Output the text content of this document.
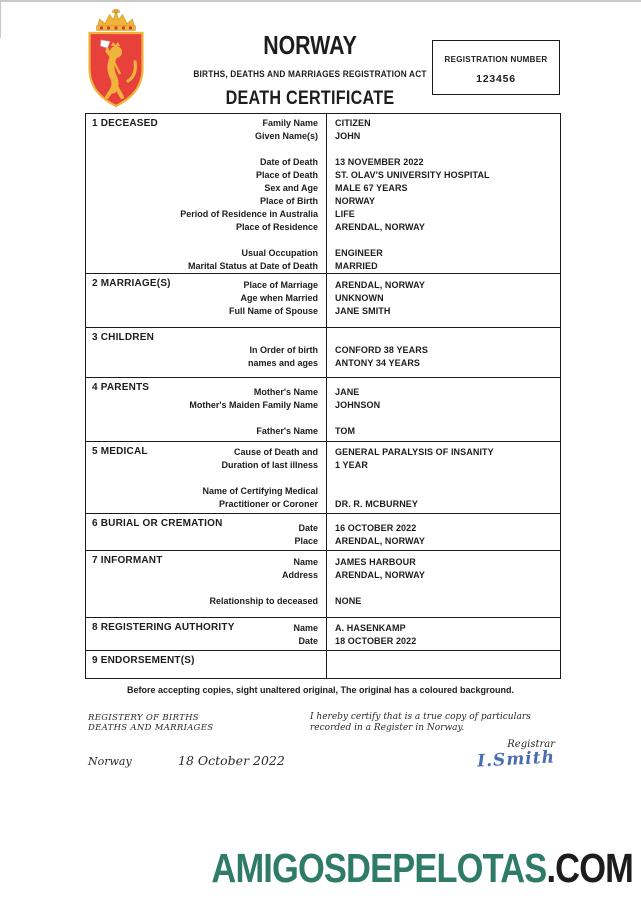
NORWAY
BIRTHS, DEATHS AND MARRIAGES REGISTRATION ACT
DEATH CERTIFICATE
REGISTRATION NUMBER
123456
1 DECEASED	Family Name	CITIZEN
Given Name(s)	JOHN
Date of Death	13 NOVEMBER 2022
Place of Death	ST. OLAV'S UNIVERSITY HOSPITAL
Sex and Age	MALE 67 YEARS
Place of Birth	NORWAY
Period of Residence in Australia	LIFE
Place of Residence	ARENDAL, NORWAY
Usual Occupation	ENGINEER
Marital Status at Date of Death	MARRIED
2 MARRIAGE(S)	Place of Marriage	ARENDAL, NORWAY
Age when Married	UNKNOWN
Full Name of Spouse	JANE SMITH
3 CHILDREN
In Order of birth	CONFORD 38 YEARS
names and ages	ANTONY 34 YEARS
4 PARENTS	Mother's Name	JANE
Mother's Maiden Family Name	JOHNSON
Father's Name	TOM
5 MEDICAL	Cause of Death and	GENERAL PARALYSIS OF INSANITY
Duration of last illness	1 YEAR
Name of Certifying Medical
Practitioner or Coroner	DR. R. MCBURNEY
6 BURIAL OR CREMATION	Date	16 OCTOBER 2022
Place	ARENDAL, NORWAY
7 INFORMANT	Name	JAMES HARBOUR
Address	ARENDAL, NORWAY
Relationship to deceased	NONE
8 REGISTERING AUTHORITY	Name	A. HASENKAMP
Date	18 OCTOBER 2022
9 ENDORSEMENT(S)
Before accepting copies, sight unaltered original, The original has a coloured background.
REGISTERY OF BIRTHS
DEATHS AND MARRIAGES
I hereby certify that is a true copy of particulars recorded in a Register in Norway.
Registrar
I.Smith
Norway	18 October 2022
AMIGOSDEPELOTAS.COM
